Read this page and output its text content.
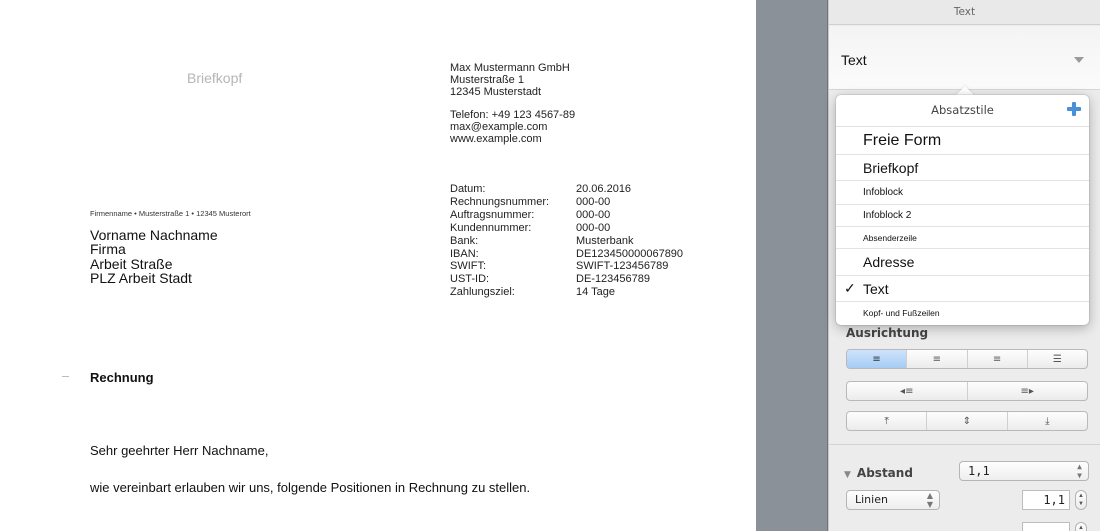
Briefkopf
Max Mustermann GmbH
Musterstraße 1
12345 Musterstadt
Telefon: +49 123 4567-89
max@example.com
www.example.com
Datum:	20.06.2016
Rechnungsnummer:	000-00
Auftragsnummer:	000-00
Kundennummer:	000-00
Bank:	Musterbank
IBAN:	DE123450000067890
SWIFT:	SWIFT-123456789
UST-ID:	DE-123456789
Zahlungsziel:	14 Tage
Firmenname • Musterstraße 1 • 12345 Musterort
Vorname Nachname
Firma
Arbeit Straße
PLZ Arbeit Stadt
Rechnung
Sehr geehrter Herr Nachname,
wie vereinbart erlauben wir uns, folgende Positionen in Rechnung zu stellen.
Text
Text
Ausrichtung
≡	≡	≡	☰
◂≡	≡▸
⤒	⇕	⤓
▼ Abstand	1,1	▲
▼
Linien	▲
▼	1,1	▲
▼
▲
Absatzstile
Freie Form
Briefkopf
Infoblock
Infoblock 2
Absenderzeile
Adresse
✓ Text
Kopf- und Fußzeilen
